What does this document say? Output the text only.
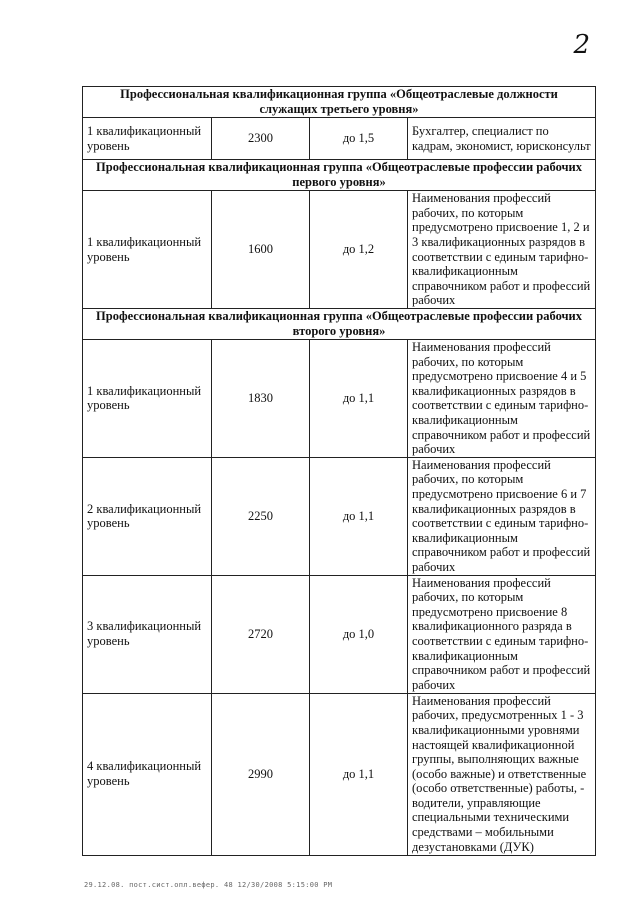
2
Профессиональная квалификационная группа «Общеотраслевые должности служащих третьего уровня»			
1 квалификационный уровень	2300	до 1,5	Бухгалтер, специалист по кадрам, экономист, юрисконсульт
Профессиональная квалификационная группа «Общеотраслевые профессии рабочих первого уровня»			
1 квалификационный уровень	1600	до 1,2	Наименования профессий рабочих, по которым предусмотрено присвоение 1, 2 и 3 квалификационных разрядов в соответствии с единым тарифно-квалификационным справочником работ и профессий рабочих
Профессиональная квалификационная группа «Общеотраслевые профессии рабочих второго уровня»			
1 квалификационный уровень	1830	до 1,1	Наименования профессий рабочих, по которым предусмотрено присвоение 4 и 5 квалификационных разрядов в соответствии с единым тарифно-квалификационным справочником работ и профессий рабочих
2 квалификационный уровень	2250	до 1,1	Наименования профессий рабочих, по которым предусмотрено присвоение 6 и 7 квалификационных разрядов в соответствии с единым тарифно-квалификационным справочником работ и профессий рабочих
3 квалификационный уровень	2720	до 1,0	Наименования профессий рабочих, по которым предусмотрено присвоение 8 квалификационного разряда в соответствии с единым тарифно-квалификационным справочником работ и профессий рабочих
4 квалификационный уровень	2990	до 1,1	Наименования профессий рабочих, предусмотренных 1 - 3 квалификационными уровнями настоящей квалификационной группы, выполняющих важные (особо важные) и ответственные (особо ответственные) работы, - водители, управляющие специальными техническими средствами – мобильными дезустановками (ДУК)
29.12.08. пост.сист.опл.вефер. 48 12/30/2008 5:15:00 PM
